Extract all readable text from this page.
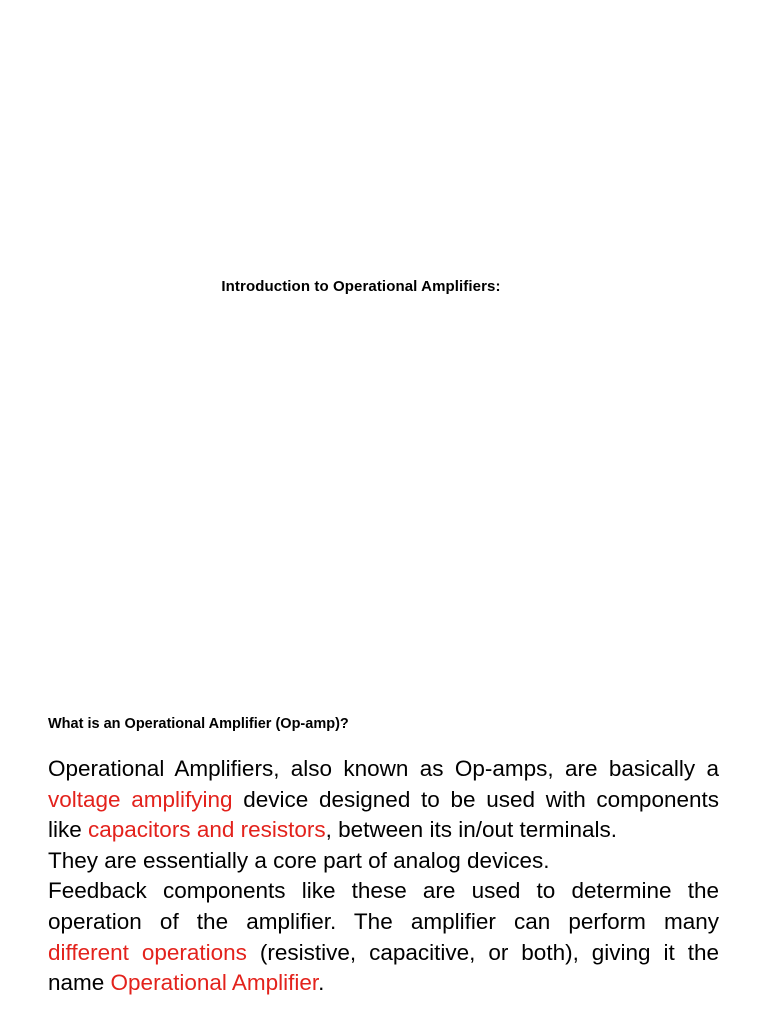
Introduction to Operational Amplifiers:
What is an Operational Amplifier (Op-amp)?
Operational Amplifiers, also known as Op-amps, are basically a
voltage amplifying device designed to be used with components
like capacitors and resistors, between its in/out terminals.
They are essentially a core part of analog devices.
Feedback components like these are used to determine the
operation of the amplifier. The amplifier can perform many
different operations (resistive, capacitive, or both), giving it the
name Operational Amplifier.
